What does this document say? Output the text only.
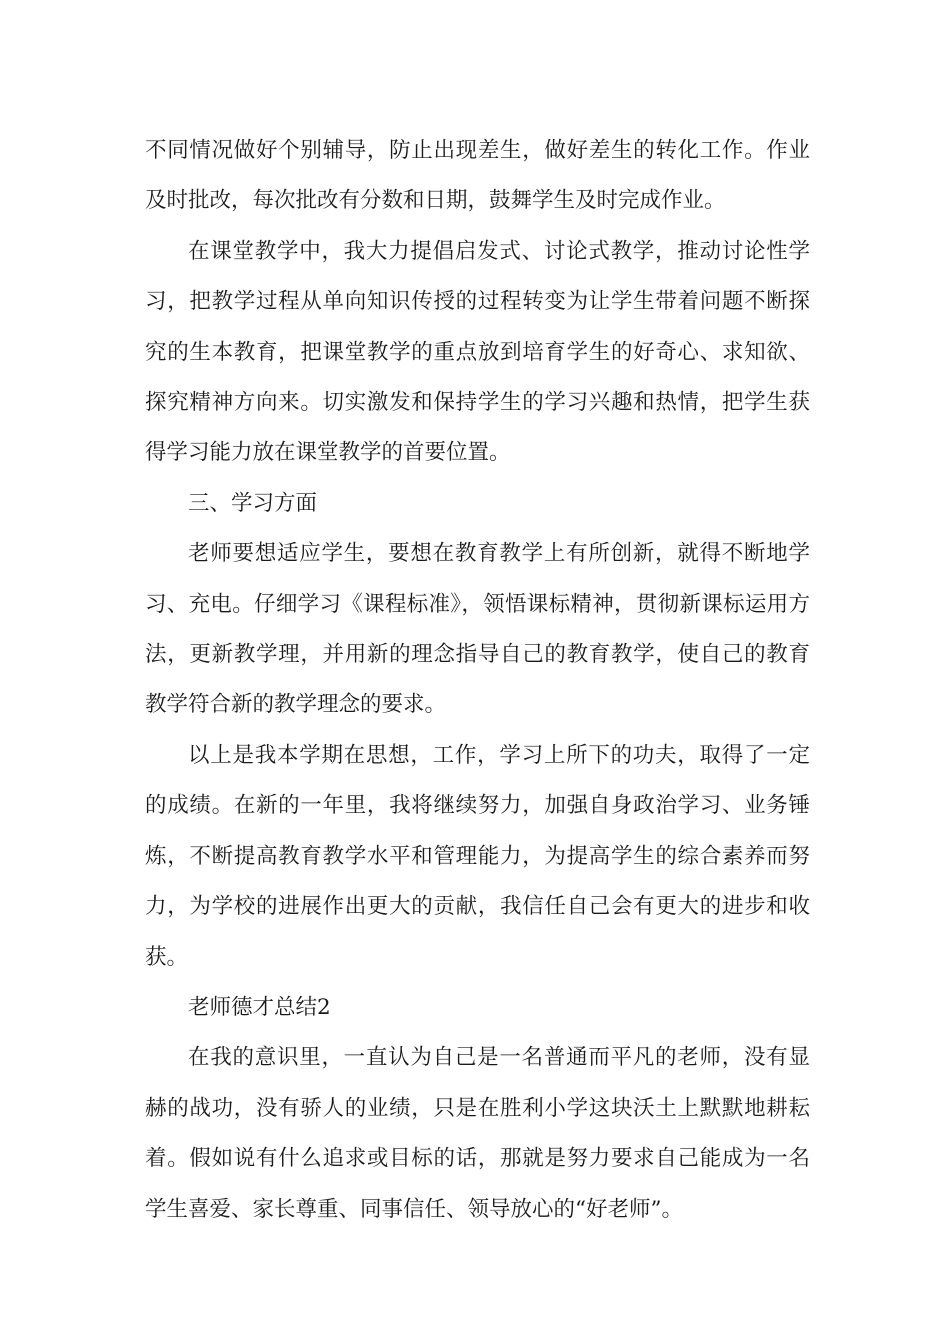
不同情况做好个别辅导，防止出现差生，做好差生的转化工作。作业及时批改，每次批改有分数和日期，鼓舞学生及时完成作业。

在课堂教学中，我大力提倡启发式、讨论式教学，推动讨论性学习，把教学过程从单向知识传授的过程转变为让学生带着问题不断探究的生本教育，把课堂教学的重点放到培育学生的好奇心、求知欲、探究精神方向来。切实激发和保持学生的学习兴趣和热情，把学生获得学习能力放在课堂教学的首要位置。

三、学习方面

老师要想适应学生，要想在教育教学上有所创新，就得不断地学习、充电。仔细学习《课程标准》，领悟课标精神，贯彻新课标运用方法，更新教学理，并用新的理念指导自己的教育教学，使自己的教育教学符合新的教学理念的要求。

以上是我本学期在思想，工作，学习上所下的功夫，取得了一定的成绩。在新的一年里，我将继续努力，加强自身政治学习、业务锤炼，不断提高教育教学水平和管理能力，为提高学生的综合素养而努力，为学校的进展作出更大的贡献，我信任自己会有更大的进步和收获。

老师德才总结2

在我的意识里，一直认为自己是一名普通而平凡的老师，没有显赫的战功，没有骄人的业绩，只是在胜利小学这块沃土上默默地耕耘着。假如说有什么追求或目标的话，那就是努力要求自己能成为一名学生喜爱、家长尊重、同事信任、领导放心的“好老师”。
